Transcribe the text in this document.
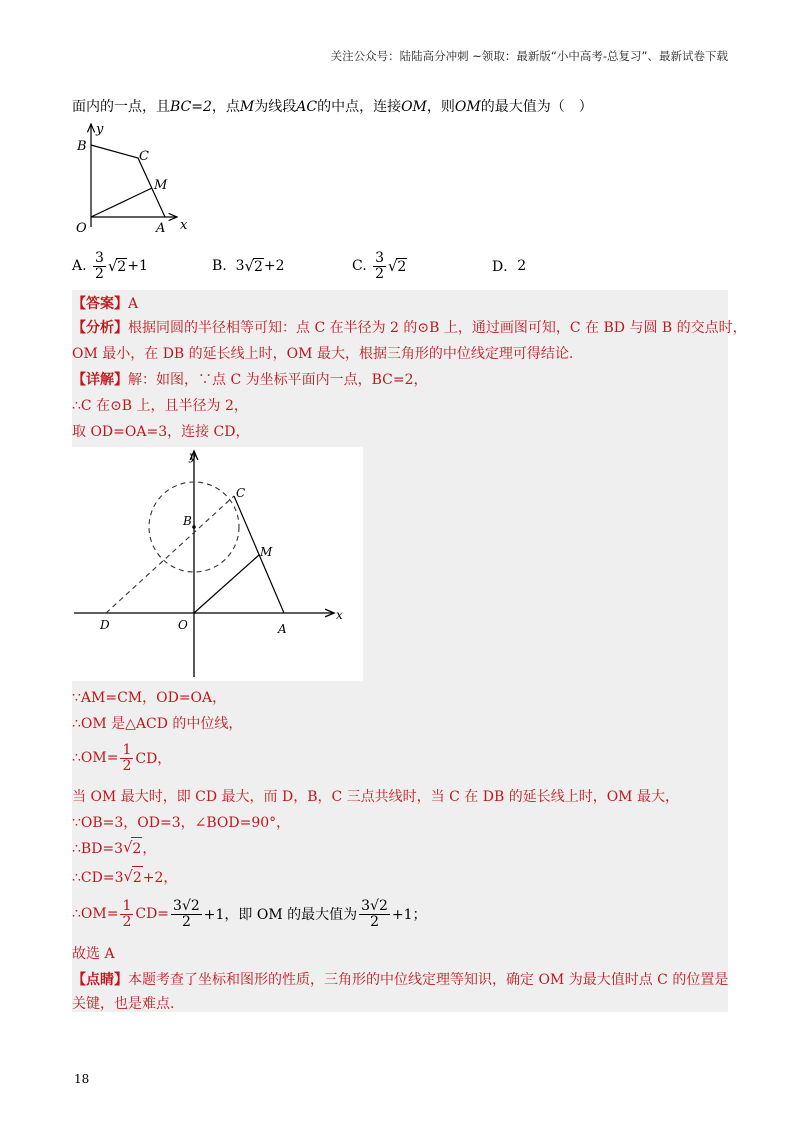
关注公众号：陆陆高分冲刺 ~领取：最新版“小中高考-总复习”、最新试卷下载
面内的一点，且BC=2，点M为线段AC的中点，连接OM，则OM的最大值为（　）
y
x
B
C
M
O	A
A.
$\frac{3}{2}$ √ 2 +1	B.
3 √ 2 +2	C.
$\frac{3}{2}$ √ 2	D． 2
【答案】A
【分析】根据同圆的半径相等可知：点 C 在半径为 2 的⊙B 上，通过画图可知，C 在 BD 与圆 B 的交点时，
OM 最小，在 DB 的延长线上时，OM 最大，根据三角形的中位线定理可得结论.
【详解】解：如图，∵点 C 为坐标平面内一点，BC=2，
∴C 在⊙B 上，且半径为 2，
取 OD=OA=3，连接 CD，
y
x
B
C
M
O	A
D
∵AM=CM，OD=OA，
∴OM 是△ACD 的中位线，
∴OM= $\frac{1}{2}$ CD，
当 OM 最大时，即 CD 最大，而 D，B，C 三点共线时，当 C 在 DB 的延长线上时，OM 最大，
∵OB=3，OD=3，∠BOD=90°，
∴BD=3 √ 2 ，
∴CD=3 √ 2 +2，
∴OM= $\frac{1}{2} CD= \frac{3√2}{2} +1$，即 OM 的最大值为 $\frac{3√2}{2} +1$；
故选 A
【点睛】本题考查了坐标和图形的性质，三角形的中位线定理等知识，确定 OM 为最大值时点 C 的位置是
关键，也是难点.
18
